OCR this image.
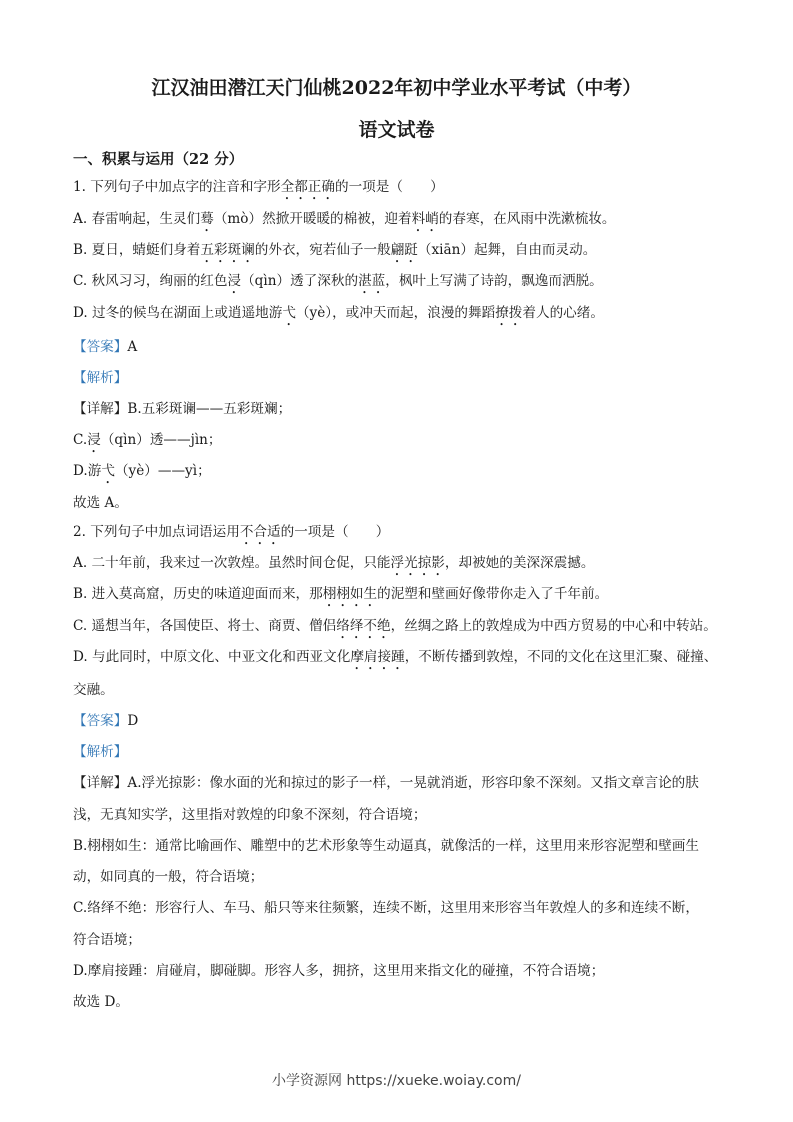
江汉油田潜江天门仙桃2022年初中学业水平考试（中考）
语文试卷
一、积累与运用（22 分）
1. 下列句子中加点字的注音和字形全都正确的一项是（　　）
A. 春雷响起，生灵们蓦（mò）然掀开暖暖的棉被，迎着料峭的春寒，在风雨中洗漱梳妆。
B. 夏日，蜻蜓们身着五彩斑谰的外衣，宛若仙子一般翩跹（xiān）起舞，自由而灵动。
C. 秋风习习，绚丽的红色浸（qìn）透了深秋的湛蓝，枫叶上写满了诗韵，飘逸而洒脱。
D. 过冬的候鸟在湖面上或逍遥地游弋（yè），或冲天而起，浪漫的舞蹈撩拨着人的心绪。
【答案】A
【解析】
【详解】B.五彩斑谰——五彩斑斓；
C.浸（qìn）透——jìn；
D.游弋（yè）——yì；
故选 A。
2. 下列句子中加点词语运用不合适的一项是（　　）
A. 二十年前，我来过一次敦煌。虽然时间仓促，只能浮光掠影，却被她的美深深震撼。
B. 进入莫高窟，历史的味道迎面而来，那栩栩如生的泥塑和壁画好像带你走入了千年前。
C. 遥想当年，各国使臣、将士、商贾、僧侣络绎不绝，丝绸之路上的敦煌成为中西方贸易的中心和中转站。
D. 与此同时，中原文化、中亚文化和西亚文化摩肩接踵，不断传播到敦煌，不同的文化在这里汇聚、碰撞、
交融。
【答案】D
【解析】
【详解】A.浮光掠影：像水面的光和掠过的影子一样，一晃就消逝，形容印象不深刻。又指文章言论的肤
浅，无真知实学，这里指对敦煌的印象不深刻，符合语境；
B.栩栩如生：通常比喻画作、雕塑中的艺术形象等生动逼真，就像活的一样，这里用来形容泥塑和壁画生
动，如同真的一般，符合语境；
C.络绎不绝：形容行人、车马、船只等来往频繁，连续不断，这里用来形容当年敦煌人的多和连续不断，
符合语境；
D.摩肩接踵：肩碰肩，脚碰脚。形容人多，拥挤，这里用来指文化的碰撞，不符合语境；
故选 D。
小学资源网 https://xueke.woiay.com/
